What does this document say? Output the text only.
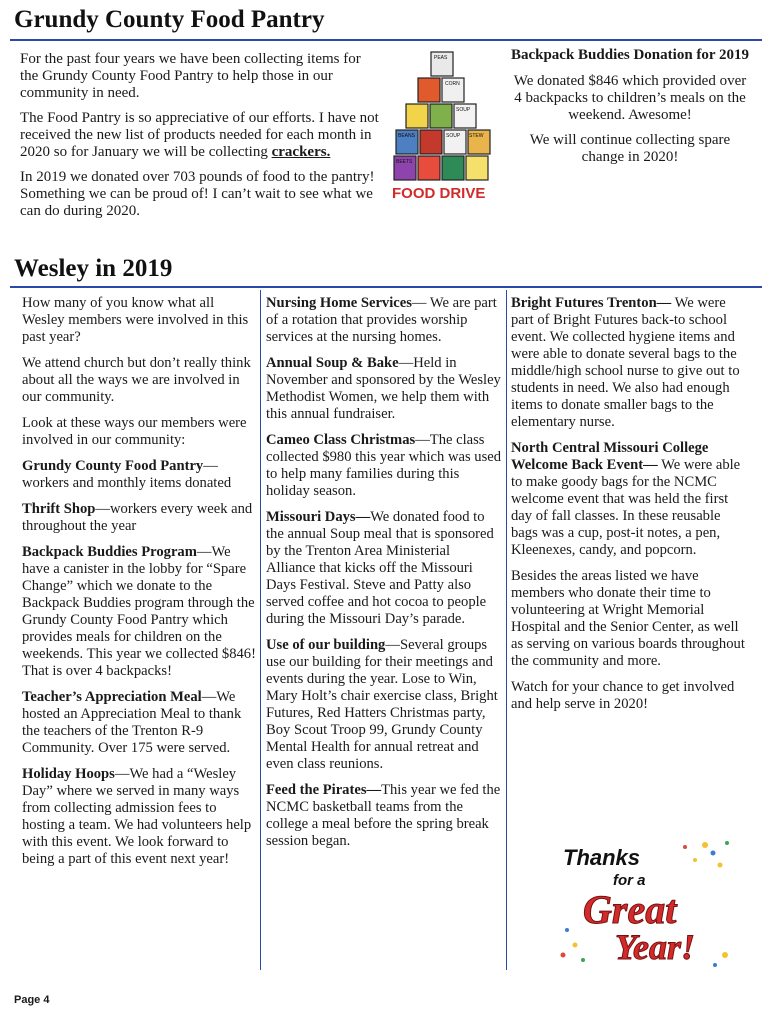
Grundy County Food Pantry

For the past four years we have been collecting items for the Grundy County Food Pantry to help those in our community in need.

The Food Pantry is so appreciative of our efforts. I have not received the new list of products needed for each month in 2020 so for January we will be collecting crackers.

In 2019 we donated over 703 pounds of food to the pantry! Something we can be proud of! I can’t wait to see what we can do during 2020.

PEAS
CORN
SOUP
BEANS	SOUP STEW
BEETS
FOOD DRIVE

Backpack Buddies Donation for 2019

We donated $846 which provided over 4 backpacks to children’s meals on the weekend. Awesome!

We will continue collecting spare change in 2020!

Wesley in 2019

How many of you know what all Wesley members were involved in this past year?

We attend church but don’t really think about all the ways we are involved in our community.

Look at these ways our members were involved in our community:

Grundy County Food Pantry—workers and monthly items donated

Thrift Shop—workers every week and throughout the year

Backpack Buddies Program—We have a canister in the lobby for “Spare Change” which we donate to the Backpack Buddies program through the Grundy County Food Pantry which provides meals for children on the weekends. This year we collected $846! That is over 4 backpacks!

Teacher’s Appreciation Meal—We hosted an Appreciation Meal to thank the teachers of the Trenton R-9 Community. Over 175 were served.

Holiday Hoops—We had a “Wesley Day” where we served in many ways from collecting admission fees to hosting a team. We had volunteers help with this event. We look forward to being a part of this event next year!

Nursing Home Services— We are part of a rotation that provides worship services at the nursing homes.

Annual Soup & Bake—Held in November and sponsored by the Wesley Methodist Women, we help them with this annual fundraiser.

Cameo Class Christmas—The class collected $980 this year which was used to help many families during this holiday season.

Missouri Days—We donated food to the annual Soup meal that is sponsored by the Trenton Area Ministerial Alliance that kicks off the Missouri Days Festival. Steve and Patty also served coffee and hot cocoa to people during the Missouri Day’s parade.

Use of our building—Several groups use our building for their meetings and events during the year. Lose to Win, Mary Holt’s chair exercise class, Bright Futures, Red Hatters Christmas party, Boy Scout Troop 99, Grundy County Mental Health for annual retreat and even class reunions.

Feed the Pirates—This year we fed the NCMC basketball teams from the college a meal before the spring break session began.

Bright Futures Trenton— We were part of Bright Futures back-to school event. We collected hygiene items and were able to donate several bags to the middle/high school nurse to give out to students in need. We also had enough items to donate smaller bags to the elementary nurse.

North Central Missouri College Welcome Back Event— We were able to make goody bags for the NCMC welcome event that was held the first day of fall classes. In these reusable bags was a cup, post-it notes, a pen, Kleenexes, candy, and popcorn.

Besides the areas listed we have members who donate their time to volunteering at Wright Memorial Hospital and the Senior Center, as well as serving on various boards throughout the community and more.

Watch for your chance to get involved and help serve in 2020!

Thanks
for a
Great
Year!
Page 4
